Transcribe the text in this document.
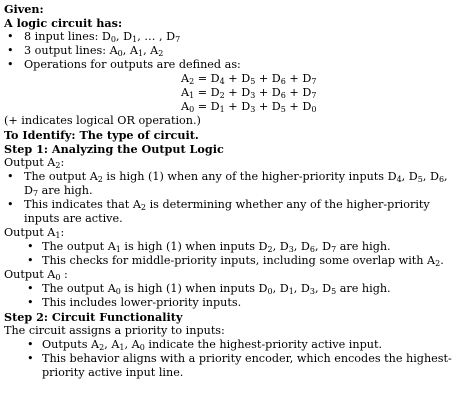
Given:
A logic circuit has:
• 8 input lines: $D_0$, $D_1$, … , $D_7$
• 3 output lines: $A_0$, $A_1$, $A_2$
• Operations for outputs are defined as:
$A_2 = D_4 + D_5 + D_6 + D_7$
$A_1 = D_2 + D_3 + D_6 + D_7$
$A_0 = D_1 + D_3 + D_5 + D_0$
(+ indicates logical OR operation.)
To Identify: The type of circuit.
Step 1: Analyzing the Output Logic
Output $A_2$:
• The output $A_2$ is high (1) when any of the higher-priority inputs $D_4$, $D_5$, $D_6$, $D_7$ are high.
• This indicates that $A_2$ is determining whether any of the higher-priority inputs are active.
Output $A_1$:
• The output $A_1$ is high (1) when inputs $D_2$, $D_3$, $D_6$, $D_7$ are high.
• This checks for middle-priority inputs, including some overlap with $A_2$.
Output $A_0$ :
• The output $A_0$ is high (1) when inputs $D_0$, $D_1$, $D_3$, $D_5$ are high.
• This includes lower-priority inputs.
Step 2: Circuit Functionality
The circuit assigns a priority to inputs:
• Outputs $A_2$, $A_1$, $A_0$ indicate the highest-priority active input.
• This behavior aligns with a priority encoder, which encodes the highest-priority active input line.
